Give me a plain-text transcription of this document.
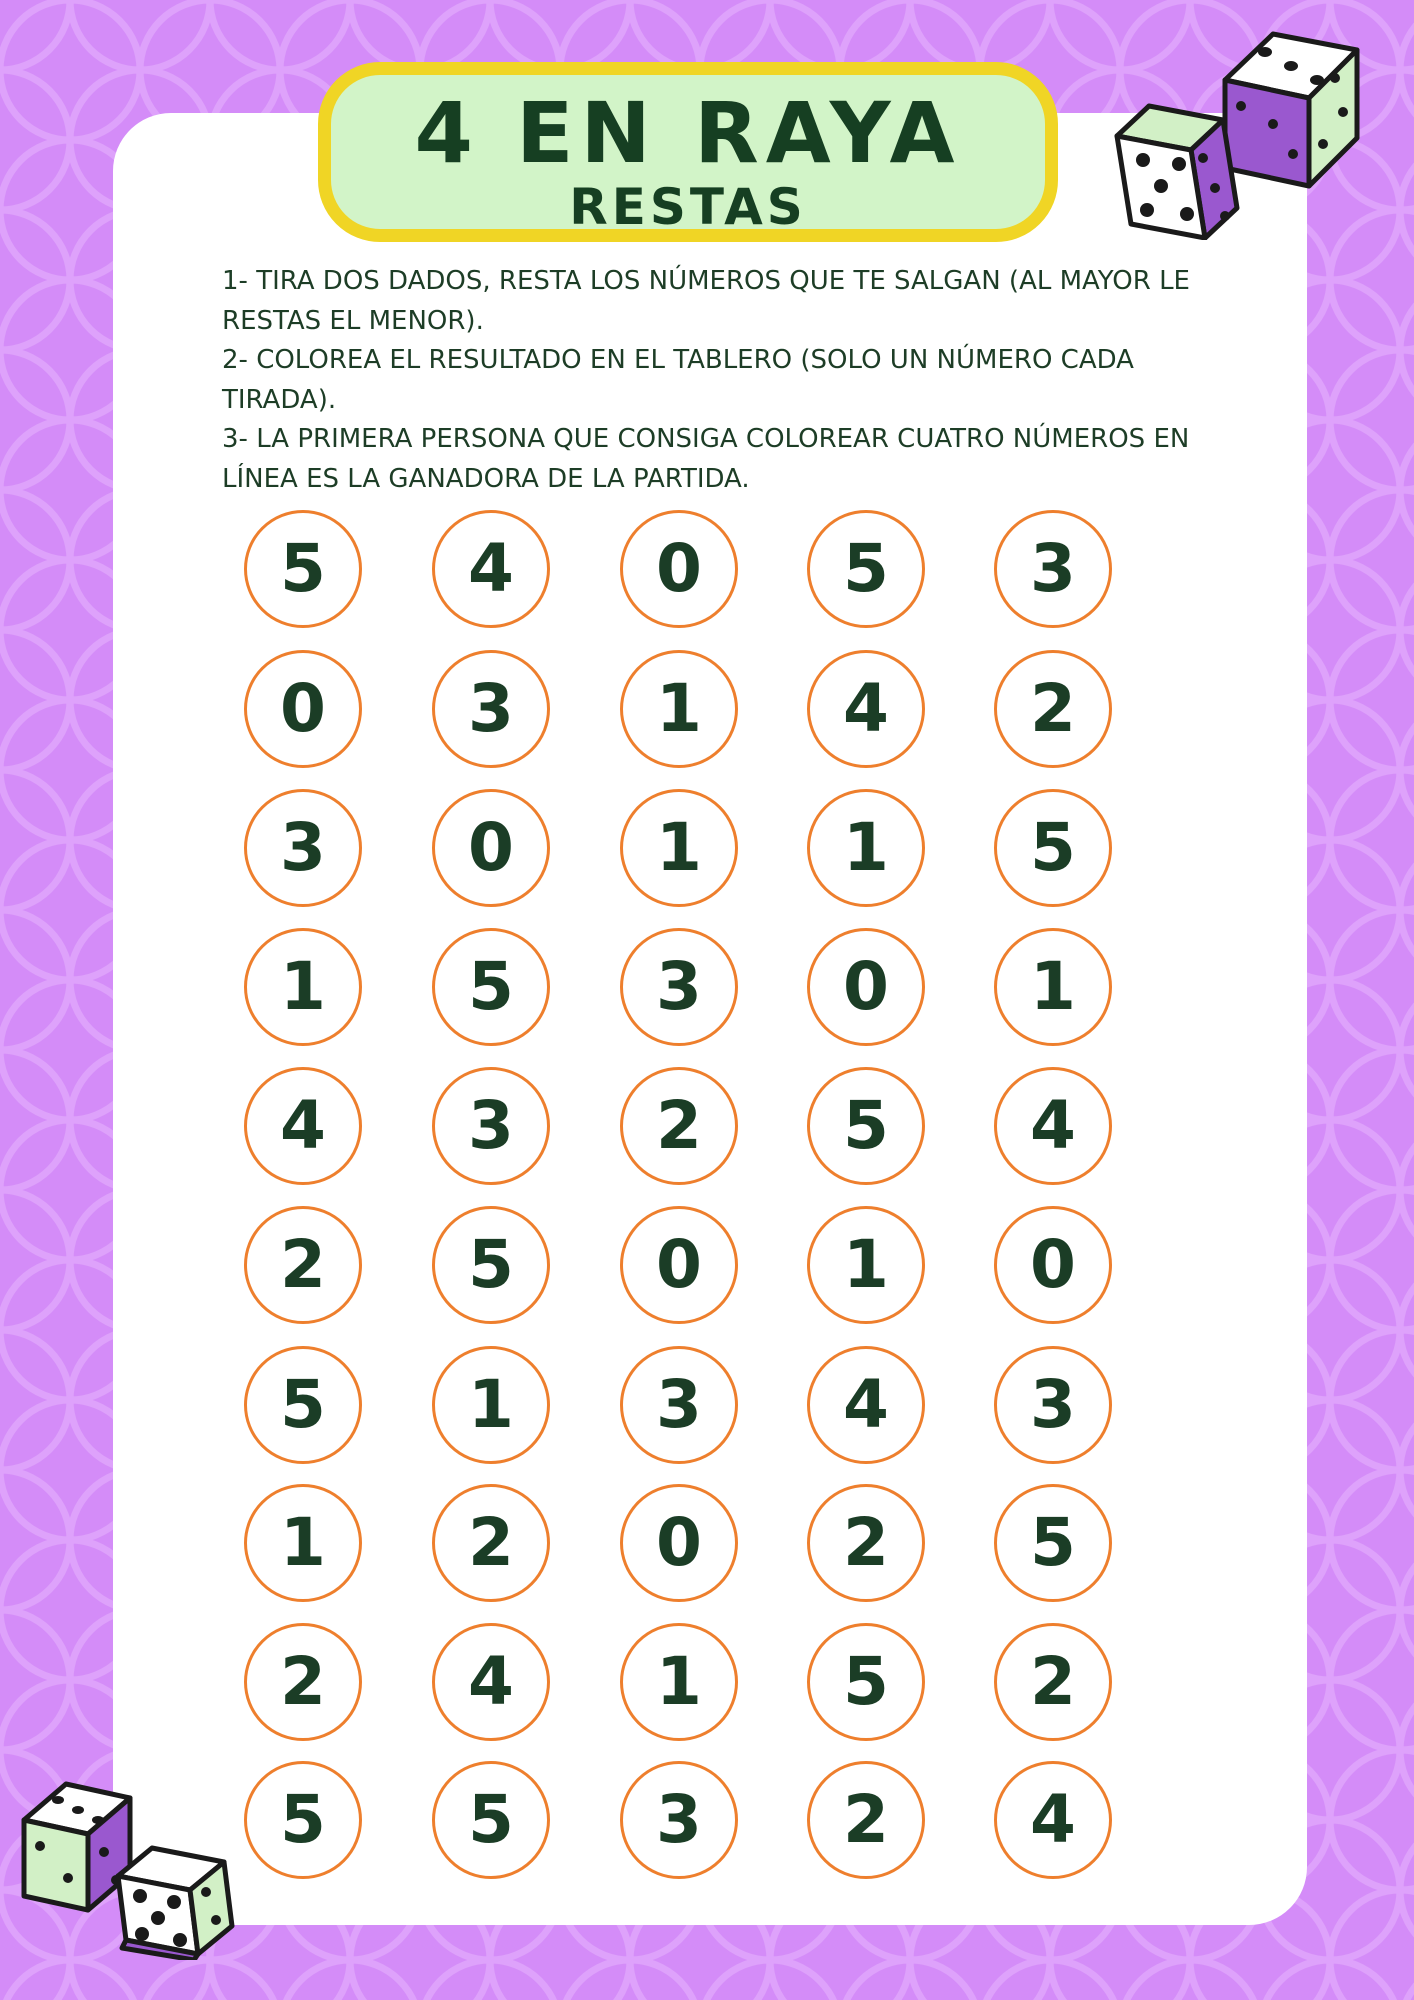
4 EN RAYA
RESTAS

1- TIRA DOS DADOS, RESTA LOS NÚMEROS QUE TE SALGAN (AL MAYOR LE RESTAS EL MENOR).

2- COLOREA EL RESULTADO EN EL TABLERO (SOLO UN NÚMERO CADA TIRADA).

3- LA PRIMERA PERSONA QUE CONSIGA COLOREAR CUATRO NÚMEROS EN LÍNEA ES LA GANADORA DE LA PARTIDA.

5	4	0	5	3
0	3	1	4	2
3	0	1	1	5
1	5	3	0	1
4	3	2	5	4
2	5	0	1	0
5	1	3	4	3
1	2	0	2	5
2	4	1	5	2
5	5	3	2	4
